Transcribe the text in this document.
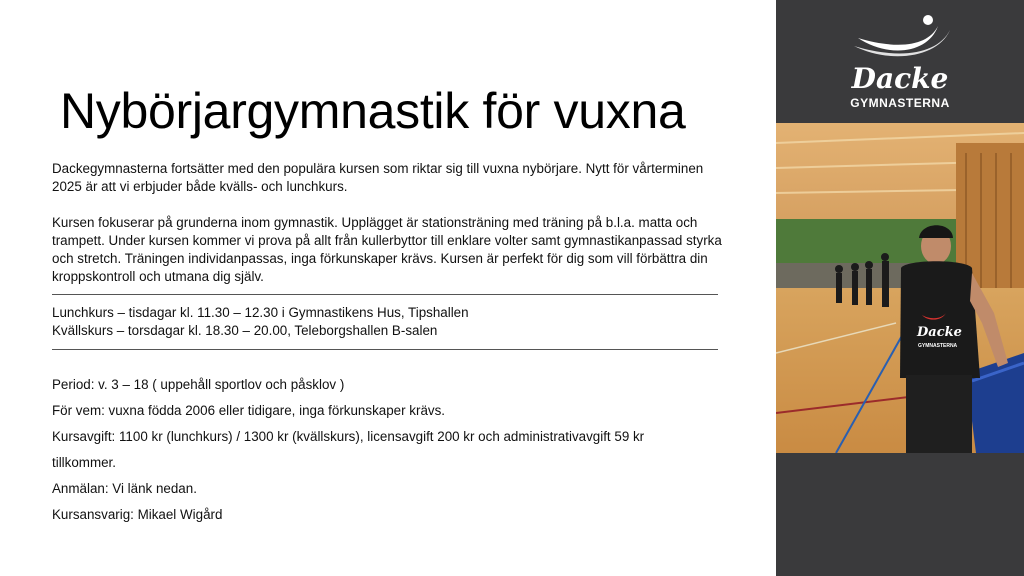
Nybörjargymnastik för vuxna

Dackegymnasterna fortsätter med den populära kursen som riktar sig till vuxna nybörjare. Nytt för vårterminen 2025 är att vi erbjuder både kvälls- och lunchkurs.

Kursen fokuserar på grunderna inom gymnastik. Upplägget är stationsträning med träning på b.l.a. matta och trampett. Under kursen kommer vi prova på allt från kullerbyttor till enklare volter samt gymnastikanpassad styrka och stretch. Träningen individanpassas, inga förkunskaper krävs. Kursen är perfekt för dig som vill förbättra din kroppskontroll och utmana dig själv.

Lunchkurs – tisdagar kl. 11.30 – 12.30 i Gymnastikens Hus, Tipshallen

Kvällskurs – torsdagar kl. 18.30 – 20.00, Teleborgshallen B-salen

Period: v. 3 – 18 ( uppehåll sportlov och påsklov )

För vem: vuxna födda 2006 eller tidigare, inga förkunskaper krävs.

Kursavgift: 1100 kr (lunchkurs) / 1300 kr (kvällskurs), licensavgift 200 kr och administrativavgift 59 kr

tillkommer.

Anmälan: Vi länk nedan.

Kursansvarig: Mikael Wigård

Dacke
GYMNASTERNA
Dacke
GYMNASTERNA
